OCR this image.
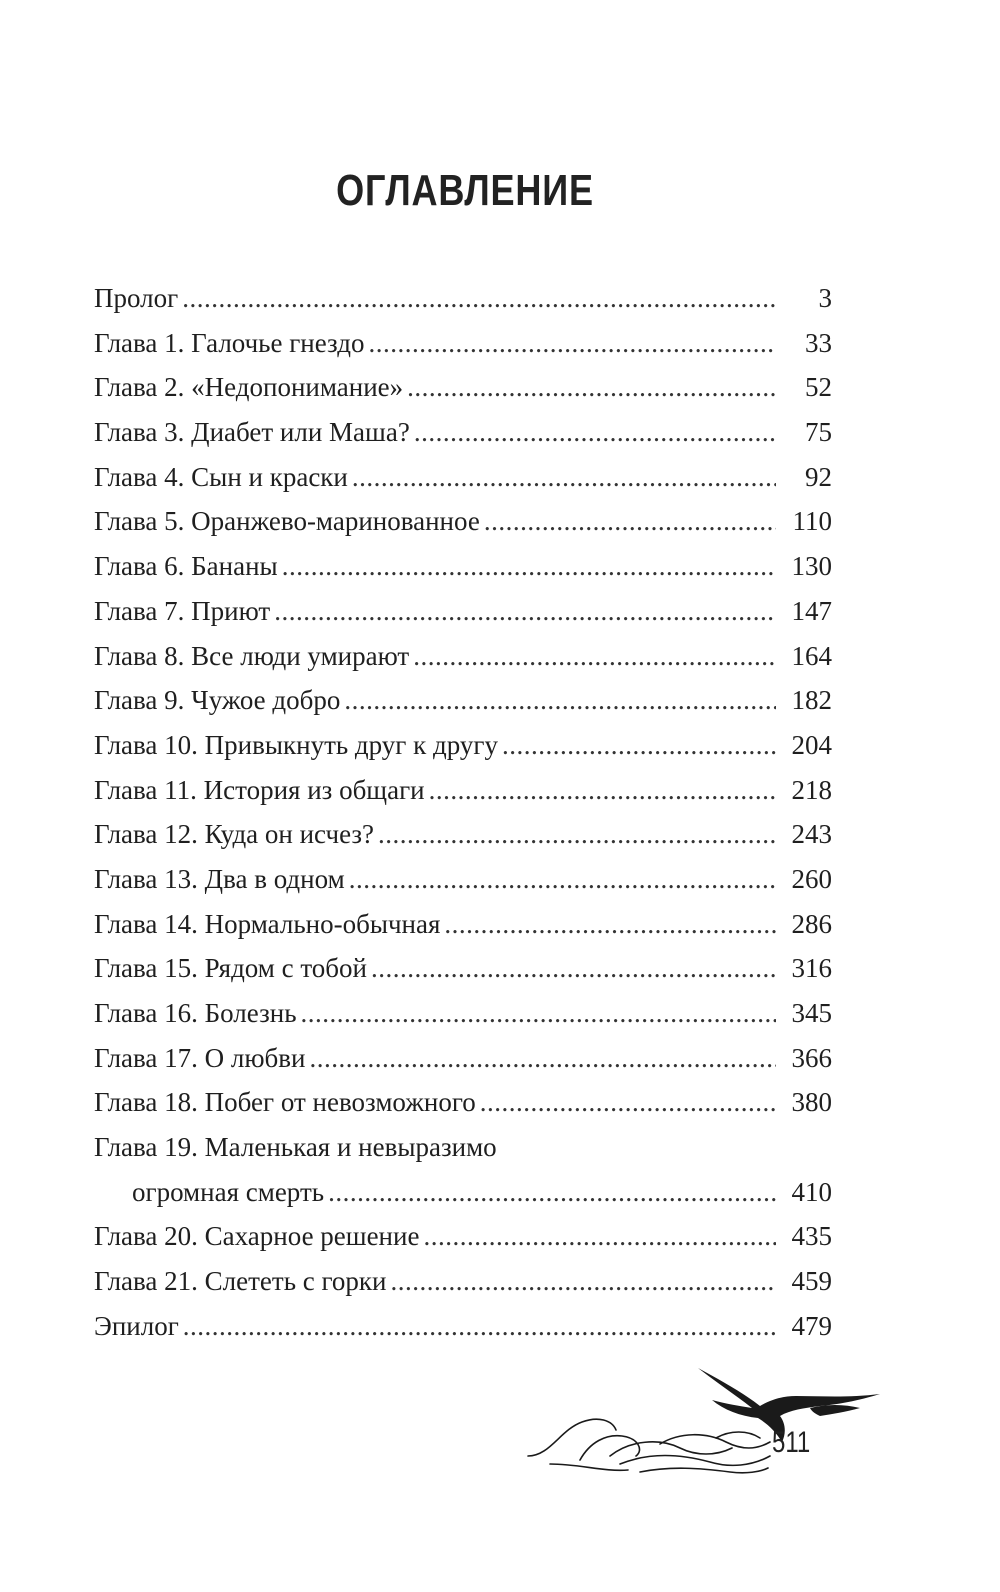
ОГЛАВЛЕНИЕ
Пролог .....	3
Глава 1. Галочье гнездо .....	33
Глава 2. «Недопонимание» .....	52
Глава 3. Диабет или Маша? .....	75
Глава 4. Сын и краски .....	92
Глава 5. Оранжево-маринованное .....	110
Глава 6. Бананы .....	130
Глава 7. Приют .....	147
Глава 8. Все люди умирают .....	164
Глава 9. Чужое добро .....	182
Глава 10. Привыкнуть друг к другу .....	204
Глава 11. История из общаги .....	218
Глава 12. Куда он исчез? .....	243
Глава 13. Два в одном .....	260
Глава 14. Нормально-обычная .....	286
Глава 15. Рядом с тобой .....	316
Глава 16. Болезнь .....	345
Глава 17. О любви .....	366
Глава 18. Побег от невозможного .....	380
Глава 19. Маленькая и невыразимо
огромная смерть .....	410
Глава 20. Сахарное решение .....	435
Глава 21. Слететь с горки .....	459
Эпилог .....	479
511
